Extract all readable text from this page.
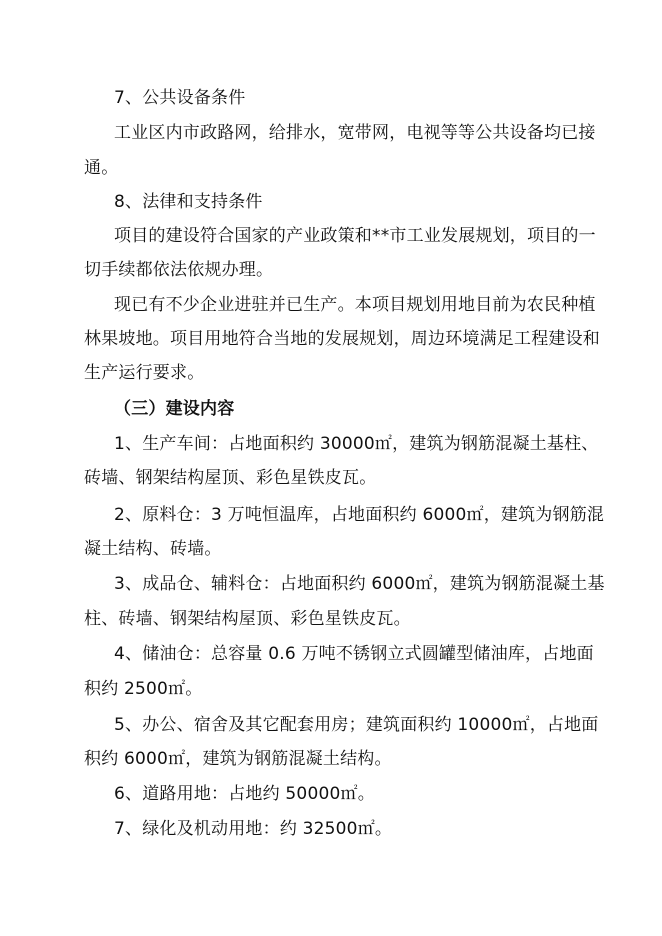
7、公共设备条件
工业区内市政路网，给排水，宽带网，电视等等公共设备均已接
通。
8、法律和支持条件
项目的建设符合国家的产业政策和**市工业发展规划，项目的一
切手续都依法依规办理。
现已有不少企业进驻并已生产。本项目规划用地目前为农民种植
林果坡地。项目用地符合当地的发展规划，周边环境满足工程建设和
生产运行要求。
（三）建设内容
1、生产车间：占地面积约 30000㎡，建筑为钢筋混凝土基柱、
砖墙、钢架结构屋顶、彩色星铁皮瓦。
2、原料仓：3 万吨恒温库，占地面积约 6000㎡，建筑为钢筋混
凝土结构、砖墙。
3、成品仓、辅料仓：占地面积约 6000㎡，建筑为钢筋混凝土基
柱、砖墙、钢架结构屋顶、彩色星铁皮瓦。
4、储油仓：总容量 0.6 万吨不锈钢立式圆罐型储油库，占地面
积约 2500㎡。
5、办公、宿舍及其它配套用房；建筑面积约 10000㎡，占地面
积约 6000㎡，建筑为钢筋混凝土结构。
6、道路用地：占地约 50000㎡。
7、绿化及机动用地：约 32500㎡。
